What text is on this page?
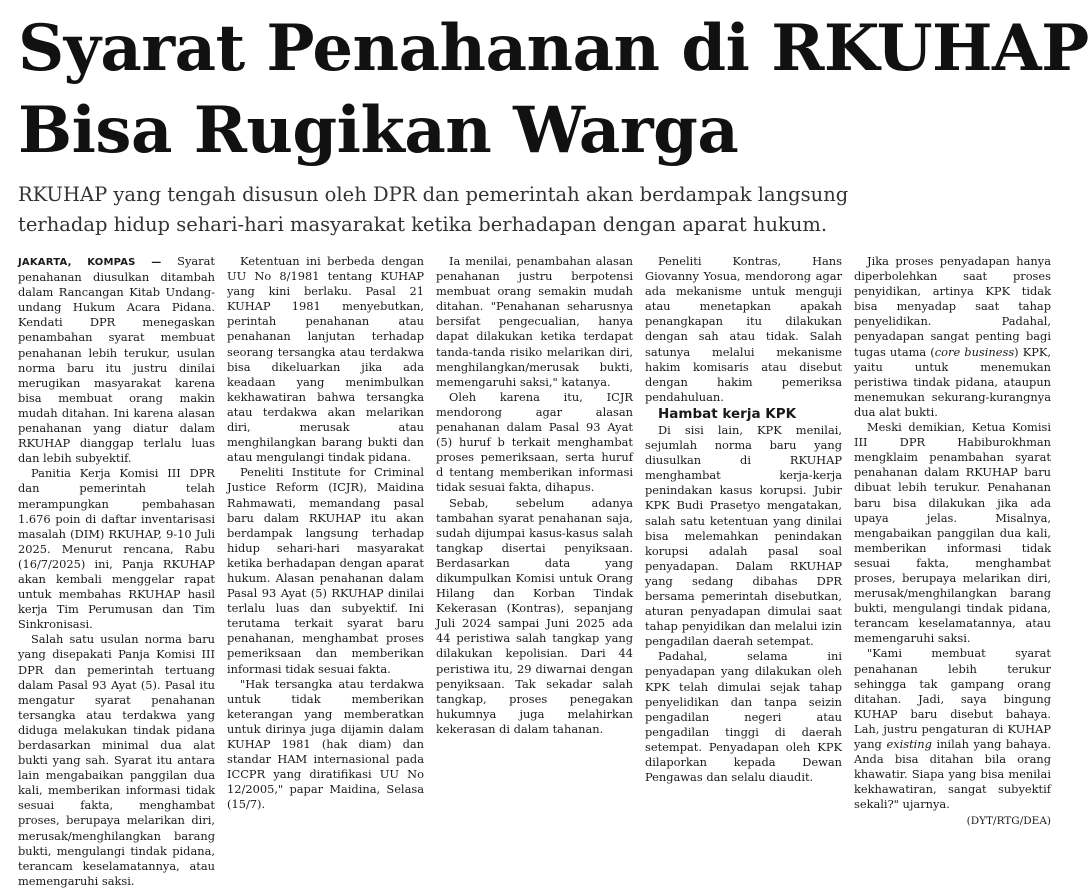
Syarat Penahanan di RKUHAP
Bisa Rugikan Warga
RKUHAP yang tengah disusun oleh DPR dan pemerintah akan berdampak langsung
terhadap hidup sehari-hari masyarakat ketika berhadapan dengan aparat hukum.

JAKARTA, KOMPAS — Syarat penahanan diusulkan ditambah dalam Rancangan Kitab Undang-undang Hukum Acara Pidana. Kendati DPR menegaskan penambahan syarat membuat penahanan lebih terukur, usulan norma baru itu justru dinilai merugikan masyarakat karena bisa membuat orang makin mudah ditahan. Ini karena alasan penahanan yang diatur dalam RKUHAP dianggap terlalu luas dan lebih subyektif.

Panitia Kerja Komisi III DPR dan pemerintah telah merampungkan pembahasan 1.676 poin di daftar inventarisasi masalah (DIM) RKUHAP, 9-10 Juli 2025. Menurut rencana, Rabu (16/7/2025) ini, Panja RKUHAP akan kembali menggelar rapat untuk membahas RKUHAP hasil kerja Tim Perumusan dan Tim Sinkronisasi.

Salah satu usulan norma baru yang disepakati Panja Komisi III DPR dan pemerintah tertuang dalam Pasal 93 Ayat (5). Pasal itu mengatur syarat penahanan tersangka atau terdakwa yang diduga melakukan tindak pidana berdasarkan minimal dua alat bukti yang sah. Syarat itu antara lain mengabaikan panggilan dua kali, memberikan informasi tidak sesuai fakta, menghambat proses, berupaya melarikan diri, merusak/menghilangkan barang bukti, mengulangi tindak pidana, terancam keselamatannya, atau memengaruhi saksi.

Ketentuan ini berbeda dengan UU No 8/1981 tentang KUHAP yang kini berlaku. Pasal 21 KUHAP 1981 menyebutkan, perintah penahanan atau penahanan lanjutan terhadap seorang tersangka atau terdakwa bisa dikeluarkan jika ada keadaan yang menimbulkan kekhawatiran bahwa tersangka atau terdakwa akan melarikan diri, merusak atau menghilangkan barang bukti dan atau mengulangi tindak pidana.

Peneliti Institute for Criminal Justice Reform (ICJR), Maidina Rahmawati, memandang pasal baru dalam RKUHAP itu akan berdampak langsung terhadap hidup sehari-hari masyarakat ketika berhadapan dengan aparat hukum. Alasan penahanan dalam Pasal 93 Ayat (5) RKUHAP dinilai terlalu luas dan subyektif. Ini terutama terkait syarat baru penahanan, menghambat proses pemeriksaan dan memberikan informasi tidak sesuai fakta.

"Hak tersangka atau terdakwa untuk tidak memberikan keterangan yang memberatkan untuk dirinya juga dijamin dalam KUHAP 1981 (hak diam) dan standar HAM internasional pada ICCPR yang diratifikasi UU No 12/2005," papar Maidina, Selasa (15/7).

Ia menilai, penambahan alasan penahanan justru berpotensi membuat orang semakin mudah ditahan. "Penahanan seharusnya bersifat pengecualian, hanya dapat dilakukan ketika terdapat tanda-tanda risiko melarikan diri, menghilangkan/merusak bukti, memengaruhi saksi," katanya.

Oleh karena itu, ICJR mendorong agar alasan penahanan dalam Pasal 93 Ayat (5) huruf b terkait menghambat proses pemeriksaan, serta huruf d tentang memberikan informasi tidak sesuai fakta, dihapus.

Sebab, sebelum adanya tambahan syarat penahanan saja, sudah dijumpai kasus-kasus salah tangkap disertai penyiksaan. Berdasarkan data yang dikumpulkan Komisi untuk Orang Hilang dan Korban Tindak Kekerasan (Kontras), sepanjang Juli 2024 sampai Juni 2025 ada 44 peristiwa salah tangkap yang dilakukan kepolisian. Dari 44 peristiwa itu, 29 diwarnai dengan penyiksaan. Tak sekadar salah tangkap, proses penegakan hukumnya juga melahirkan kekerasan di dalam tahanan.

Peneliti Kontras, Hans Giovanny Yosua, mendorong agar ada mekanisme untuk menguji atau menetapkan apakah penangkapan itu dilakukan dengan sah atau tidak. Salah satunya melalui mekanisme hakim komisaris atau disebut dengan hakim pemeriksa pendahuluan.

Hambat kerja KPK

Di sisi lain, KPK menilai, sejumlah norma baru yang diusulkan di RKUHAP menghambat kerja-kerja penindakan kasus korupsi. Jubir KPK Budi Prasetyo mengatakan, salah satu ketentuan yang dinilai bisa melemahkan penindakan korupsi adalah pasal soal penyadapan. Dalam RKUHAP yang sedang dibahas DPR bersama pemerintah disebutkan, aturan penyadapan dimulai saat tahap penyidikan dan melalui izin pengadilan daerah setempat.

Padahal, selama ini penyadapan yang dilakukan oleh KPK telah dimulai sejak tahap penyelidikan dan tanpa seizin pengadilan negeri atau pengadilan tinggi di daerah setempat. Penyadapan oleh KPK dilaporkan kepada Dewan Pengawas dan selalu diaudit.

Jika proses penyadapan hanya diperbolehkan saat proses penyidikan, artinya KPK tidak bisa menyadap saat tahap penyelidikan. Padahal, penyadapan sangat penting bagi tugas utama (core business) KPK, yaitu untuk menemukan peristiwa tindak pidana, ataupun menemukan sekurang-kurangnya dua alat bukti.

Meski demikian, Ketua Komisi III DPR Habiburokhman mengklaim penambahan syarat penahanan dalam RKUHAP baru dibuat lebih terukur. Penahanan baru bisa dilakukan jika ada upaya jelas. Misalnya, mengabaikan panggilan dua kali, memberikan informasi tidak sesuai fakta, menghambat proses, berupaya melarikan diri, merusak/menghilangkan barang bukti, mengulangi tindak pidana, terancam keselamatannya, atau memengaruhi saksi.

"Kami membuat syarat penahanan lebih terukur sehingga tak gampang orang ditahan. Jadi, saya bingung KUHAP baru disebut bahaya. Lah, justru pengaturan di KUHAP yang existing inilah yang bahaya. Anda bisa ditahan bila orang khawatir. Siapa yang bisa menilai kekhawatiran, sangat subyektif sekali?" ujarnya.

(DYT/RTG/DEA)
